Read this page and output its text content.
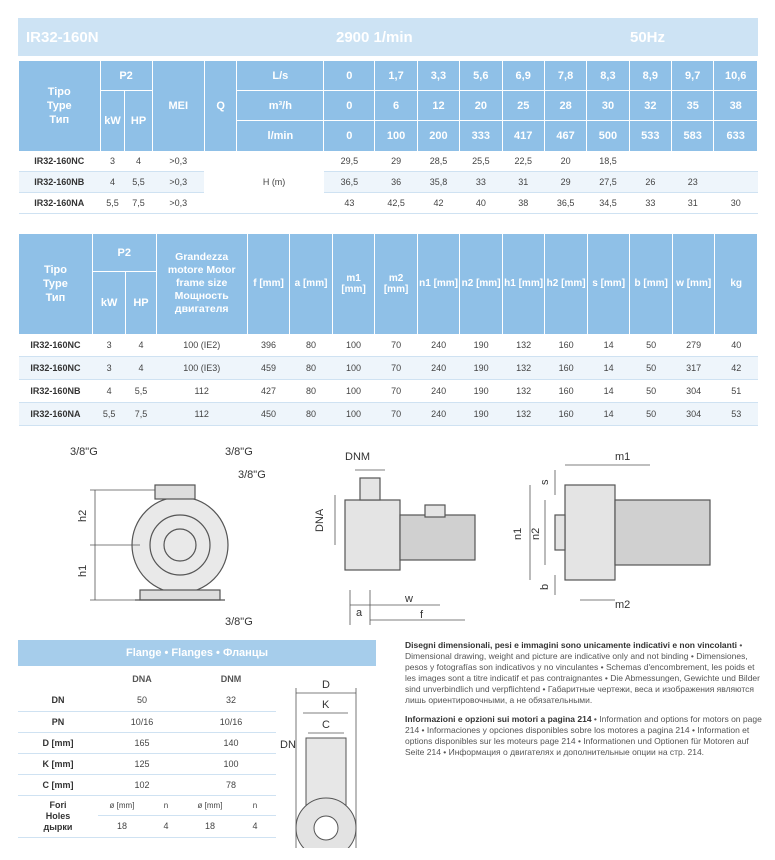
IR32-160N	2900 1/min	50Hz
Tipo
Type
Тип	P2		MEI	Q	L/s	0	1,7	3,3	5,6	6,9	7,8	8,3	8,9	9,7	10,6
	kW	HP			m³/h	0	6	12	20	25	28	30	32	35	38
					l/min	0	100	200	333	417	467	500	533	583	633
IR32-160NC	3	4	>0,3	H (m)		29,5	29	28,5	25,5	22,5	20	18,5			
IR32-160NB	4	5,5	>0,3			36,5	36	35,8	33	31	29	27,5	26	23	
IR32-160NA	5,5	7,5	>0,3			43	42,5	42	40	38	36,5	34,5	33	31	30
Tipo
Type
Тип	P2		Grandezza motore Motor frame size Мощность двигателя	f [mm]	a [mm]	m1 [mm]	m2 [mm]	n1 [mm]	n2 [mm]	h1 [mm]	h2 [mm]	s [mm]	b [mm]	w [mm]	kg
	kW	HP													
IR32-160NC	3	4	100 (IE2)	396	80	100	70	240	190	132	160	14	50	279	40
IR32-160NC	3	4	100 (IE3)	459	80	100	70	240	190	132	160	14	50	317	42
IR32-160NB	4	5,5	112	427	80	100	70	240	190	132	160	14	50	304	51
IR32-160NA	5,5	7,5	112	450	80	100	70	240	190	132	160	14	50	304	53
3/8"G	3/8"G
3/8"G
3/8"G
h2
h1
DNM
DNA
a
w
f
m1
m2
s
n1 n2
b
Flange • Flanges • Фланцы
	DNA		DNM	
DN	50		32	
PN	10/16		10/16	
D [mm]	165		140	
K [mm]	125		100	
C [mm]	102		78	
Fori
Holes
дырки	ø [mm]	n	ø [mm]	n
	18	4	18	4
D
K
C
DN

Disegni dimensionali, pesi e immagini sono unicamente indicativi e non vincolanti • Dimensional drawing, weight and picture are indicative only and not binding • Dimensiones, pesos y fotografías son indicativos y no vinculantes • Schemas d'encombrement, les poids et les images sont a titre indicatif et pas contraignantes • Die Abmessungen, Gewichte und Bilder sind unverbindlich und verpflichtend • Габаритные чертежи, веса и изображения являются лишь ориентировочными, а не обязательными.

Informazioni e opzioni sui motori a pagina 214 • Information and options for motors on page 214 • Informaciones y opciones disponibles sobre los motores a pagina 214 • Information et options disponibles sur les moteurs page 214 • Informationen und Optionen für Motoren auf Seite 214 • Информация о двигателях и дополнительные опции на стр. 214.
